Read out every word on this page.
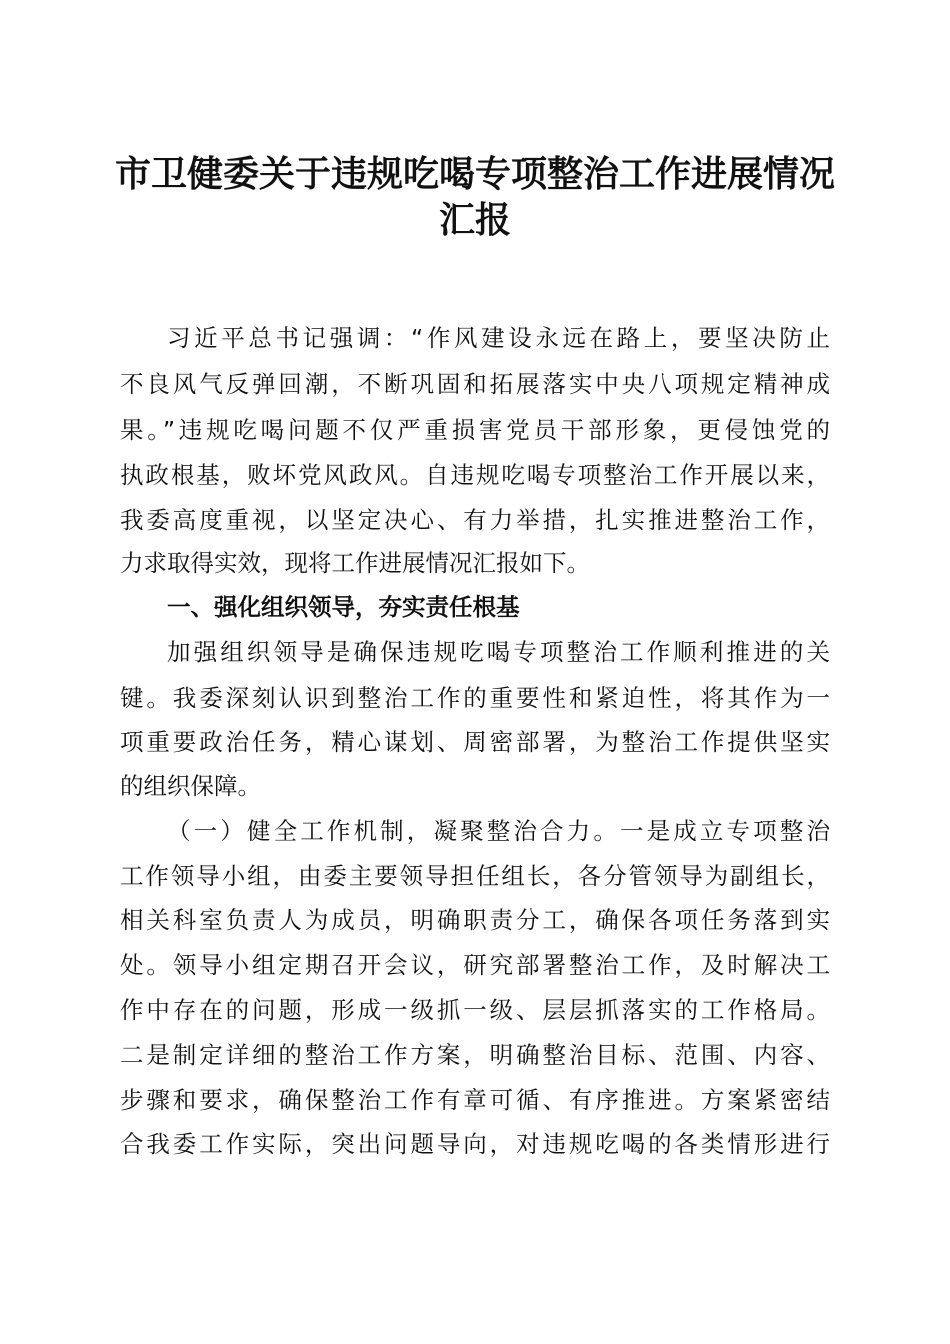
市卫健委关于违规吃喝专项整治工作进展情况
汇报

习近平总书记强调：“作风建设永远在路上，要坚决防止

不良风气反弹回潮，不断巩固和拓展落实中央八项规定精神成

果。”违规吃喝问题不仅严重损害党员干部形象，更侵蚀党的

执政根基，败坏党风政风。自违规吃喝专项整治工作开展以来，

我委高度重视，以坚定决心、有力举措，扎实推进整治工作，

力求取得实效，现将工作进展情况汇报如下。

一、强化组织领导，夯实责任根基

加强组织领导是确保违规吃喝专项整治工作顺利推进的关

键。我委深刻认识到整治工作的重要性和紧迫性，将其作为一

项重要政治任务，精心谋划、周密部署，为整治工作提供坚实

的组织保障。

（一）健全工作机制，凝聚整治合力。一是成立专项整治

工作领导小组，由委主要领导担任组长，各分管领导为副组长，

相关科室负责人为成员，明确职责分工，确保各项任务落到实

处。领导小组定期召开会议，研究部署整治工作，及时解决工

作中存在的问题，形成一级抓一级、层层抓落实的工作格局。

二是制定详细的整治工作方案，明确整治目标、范围、内容、

步骤和要求，确保整治工作有章可循、有序推进。方案紧密结

合我委工作实际，突出问题导向，对违规吃喝的各类情形进行
